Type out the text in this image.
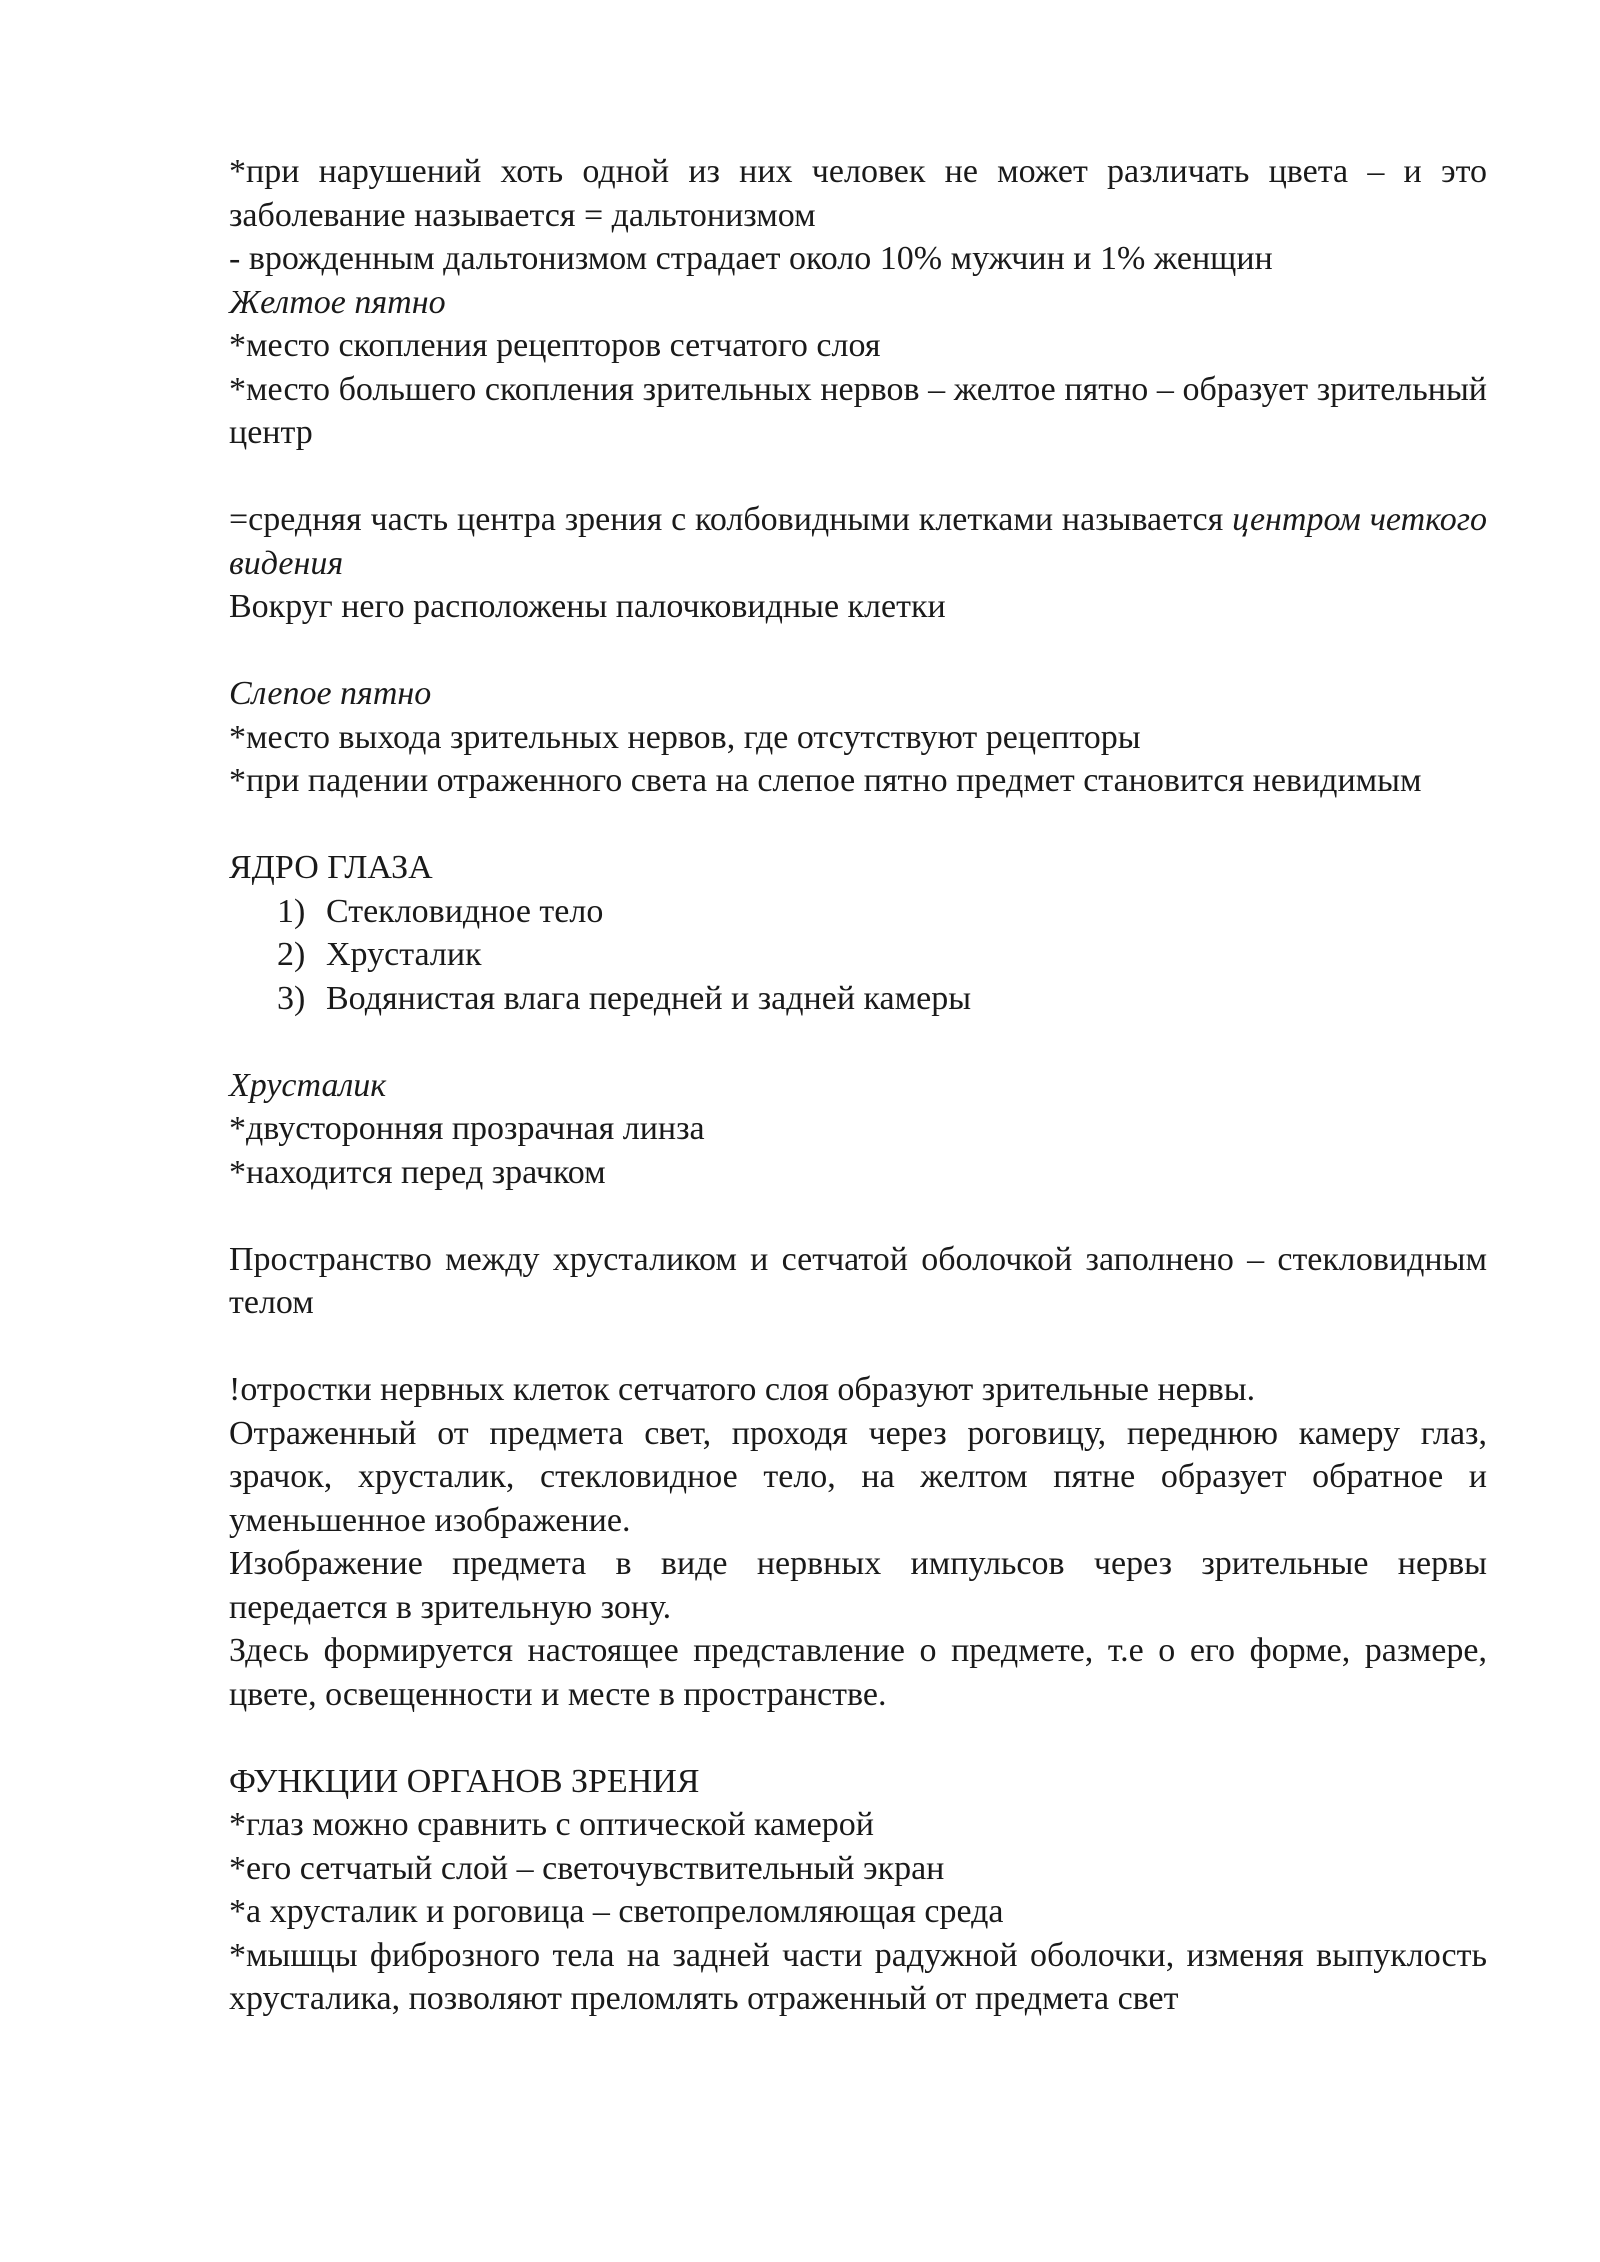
*при нарушений хоть одной из них человек не может различать цвета – и это заболевание называется = дальтонизмом

- врожденным дальтонизмом страдает около 10% мужчин и 1% женщин

Желтое пятно

*место скопления рецепторов сетчатого слоя

*место большего скопления зрительных нервов – желтое пятно – образует зрительный центр

=средняя часть центра зрения с колбовидными клетками называется центром четкого видения

Вокруг него расположены палочковидные клетки

Слепое пятно

*место выхода зрительных нервов, где отсутствуют рецепторы

*при падении отраженного света на слепое пятно предмет становится невидимым

ЯДРО ГЛАЗА

1) Стекловидное тело
2) Хрусталик
3) Водянистая влага передней и задней камеры

Хрусталик

*двусторонняя прозрачная линза

*находится перед зрачком

Пространство между хрусталиком и сетчатой оболочкой заполнено – стекловидным телом

!отростки нервных клеток сетчатого слоя образуют зрительные нервы.

Отраженный от предмета свет, проходя через роговицу, переднюю камеру глаз, зрачок, хрусталик, стекловидное тело, на желтом пятне образует обратное и уменьшенное изображение.

Изображение предмета в виде нервных импульсов через зрительные нервы передается в зрительную зону.

Здесь формируется настоящее представление о предмете, т.е о его форме, размере, цвете, освещенности и месте в пространстве.

ФУНКЦИИ ОРГАНОВ ЗРЕНИЯ

*глаз можно сравнить с оптической камерой

*его сетчатый слой – светочувствительный экран

*а хрусталик и роговица – светопреломляющая среда

*мышцы фиброзного тела на задней части радужной оболочки, изменяя выпуклость хрусталика, позволяют преломлять отраженный от предмета свет
